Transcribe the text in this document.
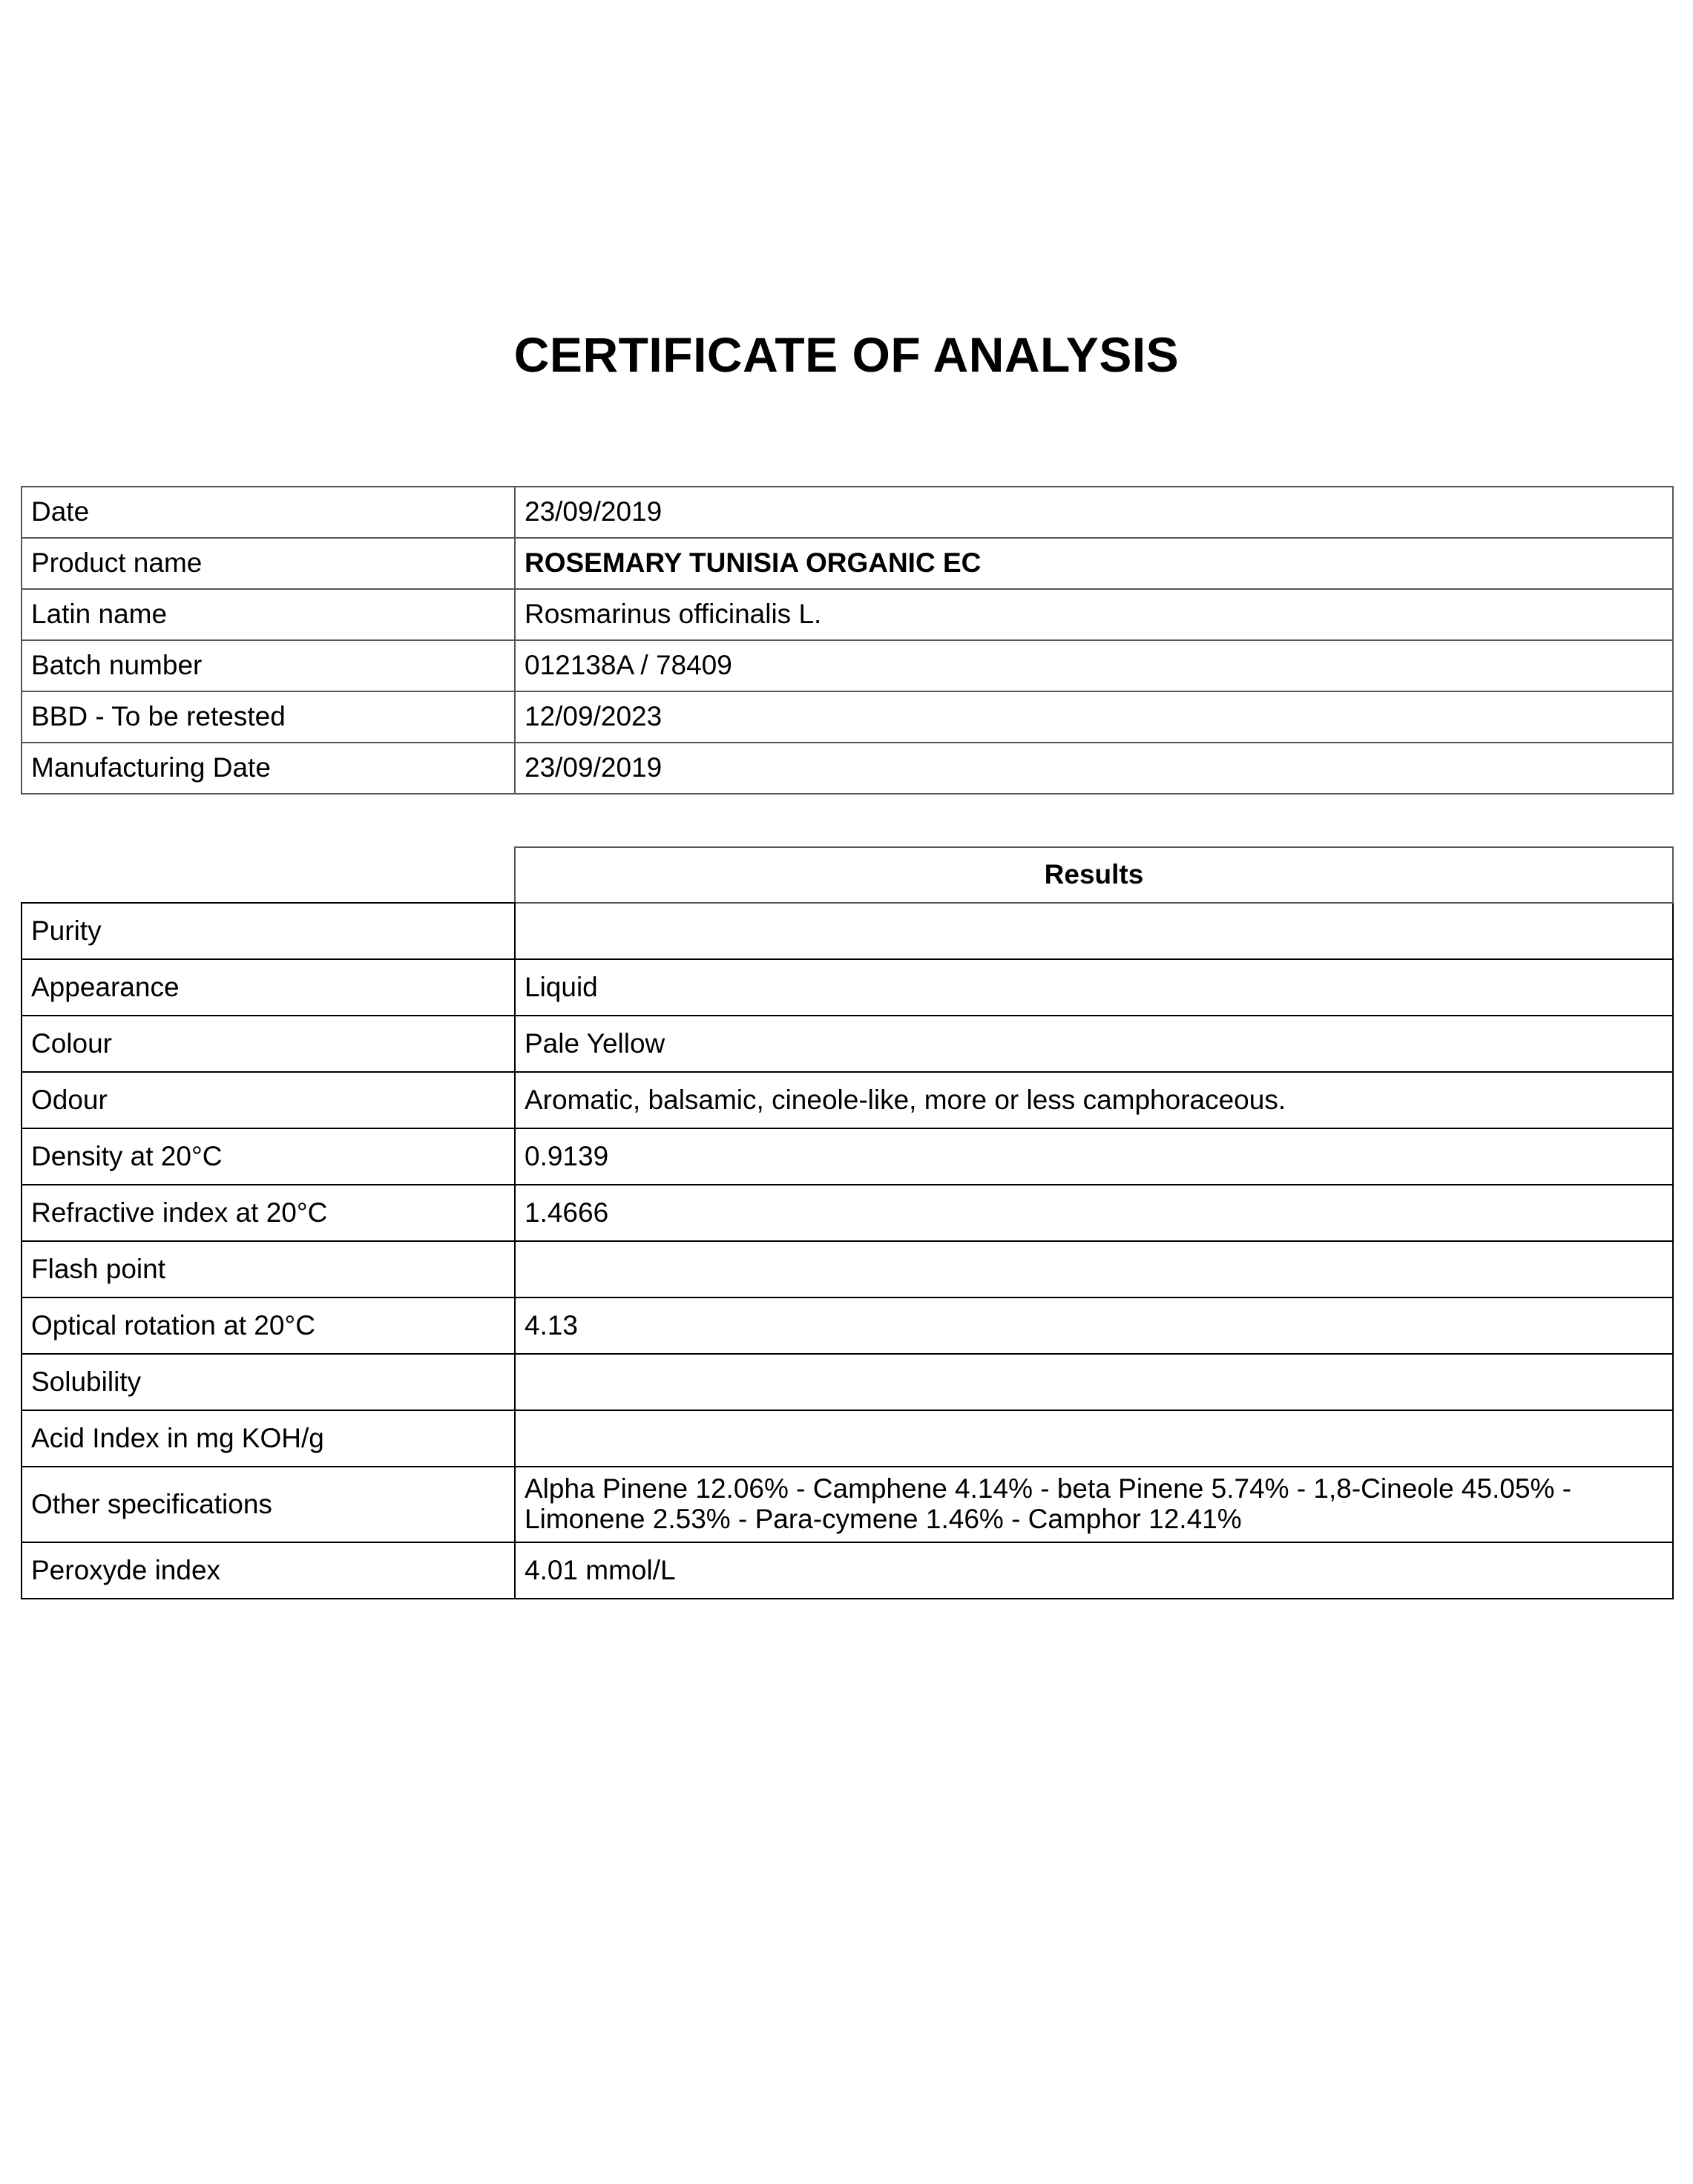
CERTIFICATE OF ANALYSIS
Date	23/09/2019
Product name	ROSEMARY TUNISIA ORGANIC EC
Latin name	Rosmarinus officinalis L.
Batch number	012138A / 78409
BBD - To be retested	12/09/2023
Manufacturing Date	23/09/2019
	Results
Purity	
Appearance	Liquid
Colour	Pale Yellow
Odour	Aromatic, balsamic, cineole-like, more or less camphoraceous.
Density at 20°C	0.9139
Refractive index at 20°C	1.4666
Flash point	
Optical rotation at 20°C	4.13
Solubility	
Acid Index in mg KOH/g	
Other specifications	Alpha Pinene 12.06% - Camphene 4.14% - beta Pinene 5.74% - 1,8-Cineole 45.05% - Limonene 2.53% - Para-cymene 1.46% - Camphor 12.41%
Peroxyde index	4.01 mmol/L
